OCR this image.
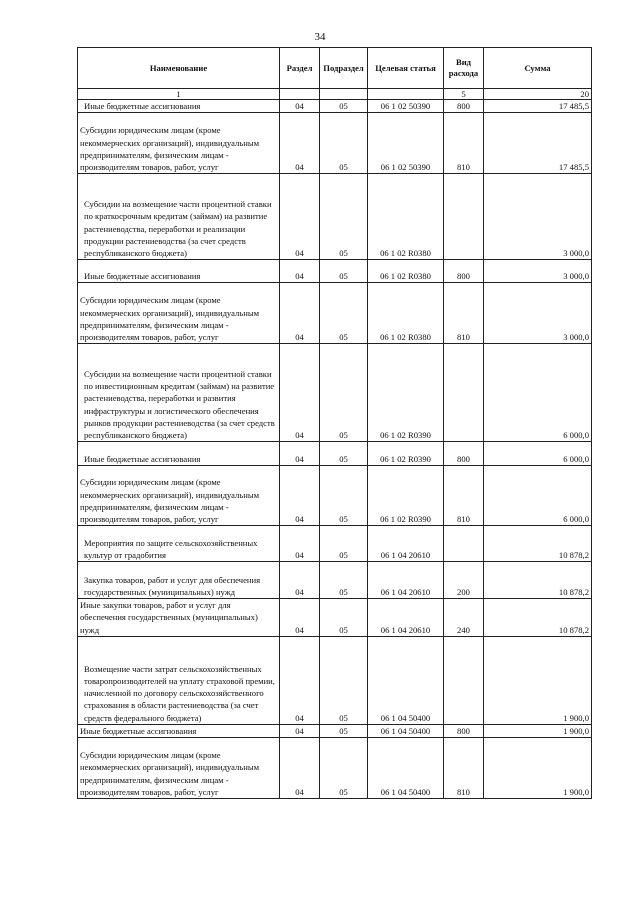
34
Наименование	Раздел	Подраздел	Целевая статья	Вид расхода	Сумма
1				5	20
Иные бюджетные ассигнования	04	05	06 1 02 50390	800	17 485,5
Субсидии юридическим лицам (кроме некоммерческих организаций), индивидуальным предпринимателям, физическим лицам - производителям товаров, работ, услуг	04	05	06 1 02 50390	810	17 485,5
Субсидии на возмещение части процентной ставки по краткосрочным кредитам (займам) на развитие растениеводства, переработки и реализации продукции растениеводства (за счет средств республиканского бюджета)	04	05	06 1 02 R0380		3 000,0
Иные бюджетные ассигнования	04	05	06 1 02 R0380	800	3 000,0
Субсидии юридическим лицам (кроме некоммерческих организаций), индивидуальным предпринимателям, физическим лицам - производителям товаров, работ, услуг	04	05	06 1 02 R0380	810	3 000,0
Субсидии на возмещение части процентной ставки по инвестиционным кредитам (займам) на развитие растениеводства, переработки и развития инфраструктуры и логистического обеспечения рынков продукции растениеводства (за счет средств республиканского бюджета)	04	05	06 1 02 R0390		6 000,0
Иные бюджетные ассигнования	04	05	06 1 02 R0390	800	6 000,0
Субсидии юридическим лицам (кроме некоммерческих организаций), индивидуальным предпринимателям, физическим лицам - производителям товаров, работ, услуг	04	05	06 1 02 R0390	810	6 000,0
Мероприятия по защите сельскохозяйственных культур от градобития	04	05	06 1 04 20610		10 878,2
Закупка товаров, работ и услуг для обеспечения государственных (муниципальных) нужд	04	05	06 1 04 20610	200	10 878,2
Иные закупки товаров, работ и услуг для обеспечения государственных (муниципальных) нужд	04	05	06 1 04 20610	240	10 878,2
Возмещение части затрат сельскохозяйственных товаропроизводителей на уплату страховой премии, начисленной по договору сельскохозяйственного страхования в области растениеводства (за счет средств федерального бюджета)	04	05	06 1 04 50400		1 900,0
Иные бюджетные ассигнования	04	05	06 1 04 50400	800	1 900,0
Субсидии юридическим лицам (кроме некоммерческих организаций), индивидуальным предпринимателям, физическим лицам - производителям товаров, работ, услуг	04	05	06 1 04 50400	810	1 900,0
